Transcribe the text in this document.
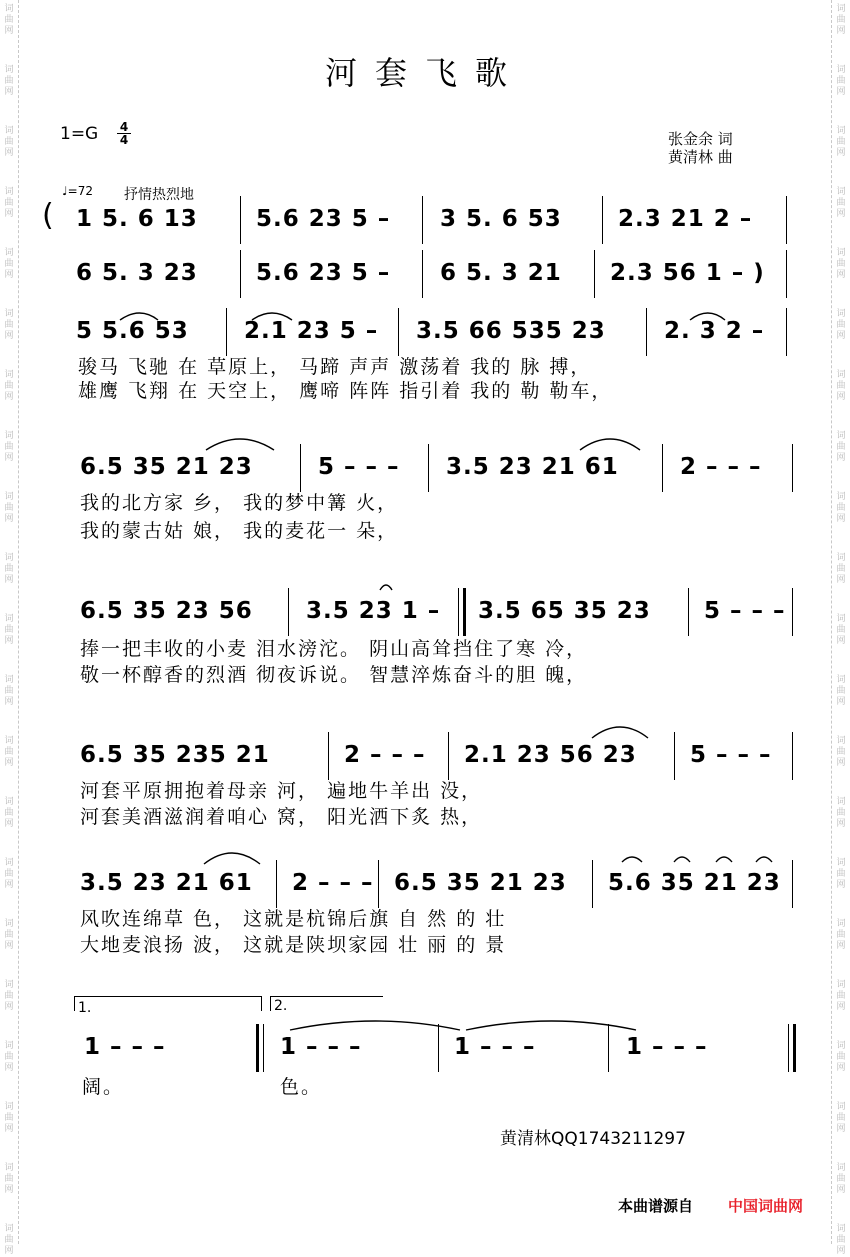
词
曲
网
词
曲
网
词
曲
网
词
曲
网
词
曲
网
词
曲
网
词
曲
网
词
曲
网
词
曲
网
词
曲
网
词
曲
网
词
曲
网
词
曲
网
词
曲
网
词
曲
网
词
曲
网
词
曲
网
词
曲
网
词
曲
网
词
曲
网
词
曲
网
词
曲
网
词
曲
网
词
曲
网
词
曲
网
词
曲
网
词
曲
网
词
曲
网
词
曲
网
词
曲
网
词
曲
网
词
曲
网
词
曲
网
词
曲
网
词
曲
网
词
曲
网
词
曲
网
词
曲
网
词
曲
网
词
曲
网
词
曲
网
词
曲
网
河套飞歌
1=G 4
4	张金余 词
黄清林 曲
♩=72 抒情热烈地
( 1 5. 6 13	5.6 23 5 – 3 5. 6 53 2.3 21 2 –
6 5. 3 23	5.6 23 5 – 6 5. 3 21 2.3 56 1 – )
5 5.6 53 2.1 23 5 – 3.5 66 535 23	2. 3 2 –
骏马 飞驰 在 草原上， 马蹄 声声 激荡着 我的 脉 搏，
雄鹰 飞翔 在 天空上， 鹰啼 阵阵 指引着 我的 勒 勒车，
6.5 35 21 23	5 – – – 3.5 23 21 61	2 – – –
我的北方家 乡， 我的梦中篝 火，
我的蒙古姑 娘， 我的麦花一 朵，
6.5 35 23 56 3.5 23 1 – 3.5 65 35 23 5 – – –
捧一把丰收的小麦 泪水滂沱。 阴山高耸挡住了寒 冷，
敬一杯醇香的烈酒 彻夜诉说。 智慧淬炼奋斗的胆 魄，
6.5 35 235 21	2 – – – 2.1 23 56 23 5 – – –
河套平原拥抱着母亲 河， 遍地牛羊出 没，
河套美酒滋润着咱心 窝， 阳光洒下炙 热，
3.5 23 21 61 2 – – – 6.5 35 21 23 5.6 35 21 23
风吹连绵草 色， 这就是杭锦后旗 自 然 的 壮
大地麦浪扬 波， 这就是陕坝家园 壮 丽 的 景
1.	2.
1 – – –	1 – – –	1 – – –	1 – – –
阔。	色。
黄清林QQ1743211297
本曲谱源自 中国词曲网
